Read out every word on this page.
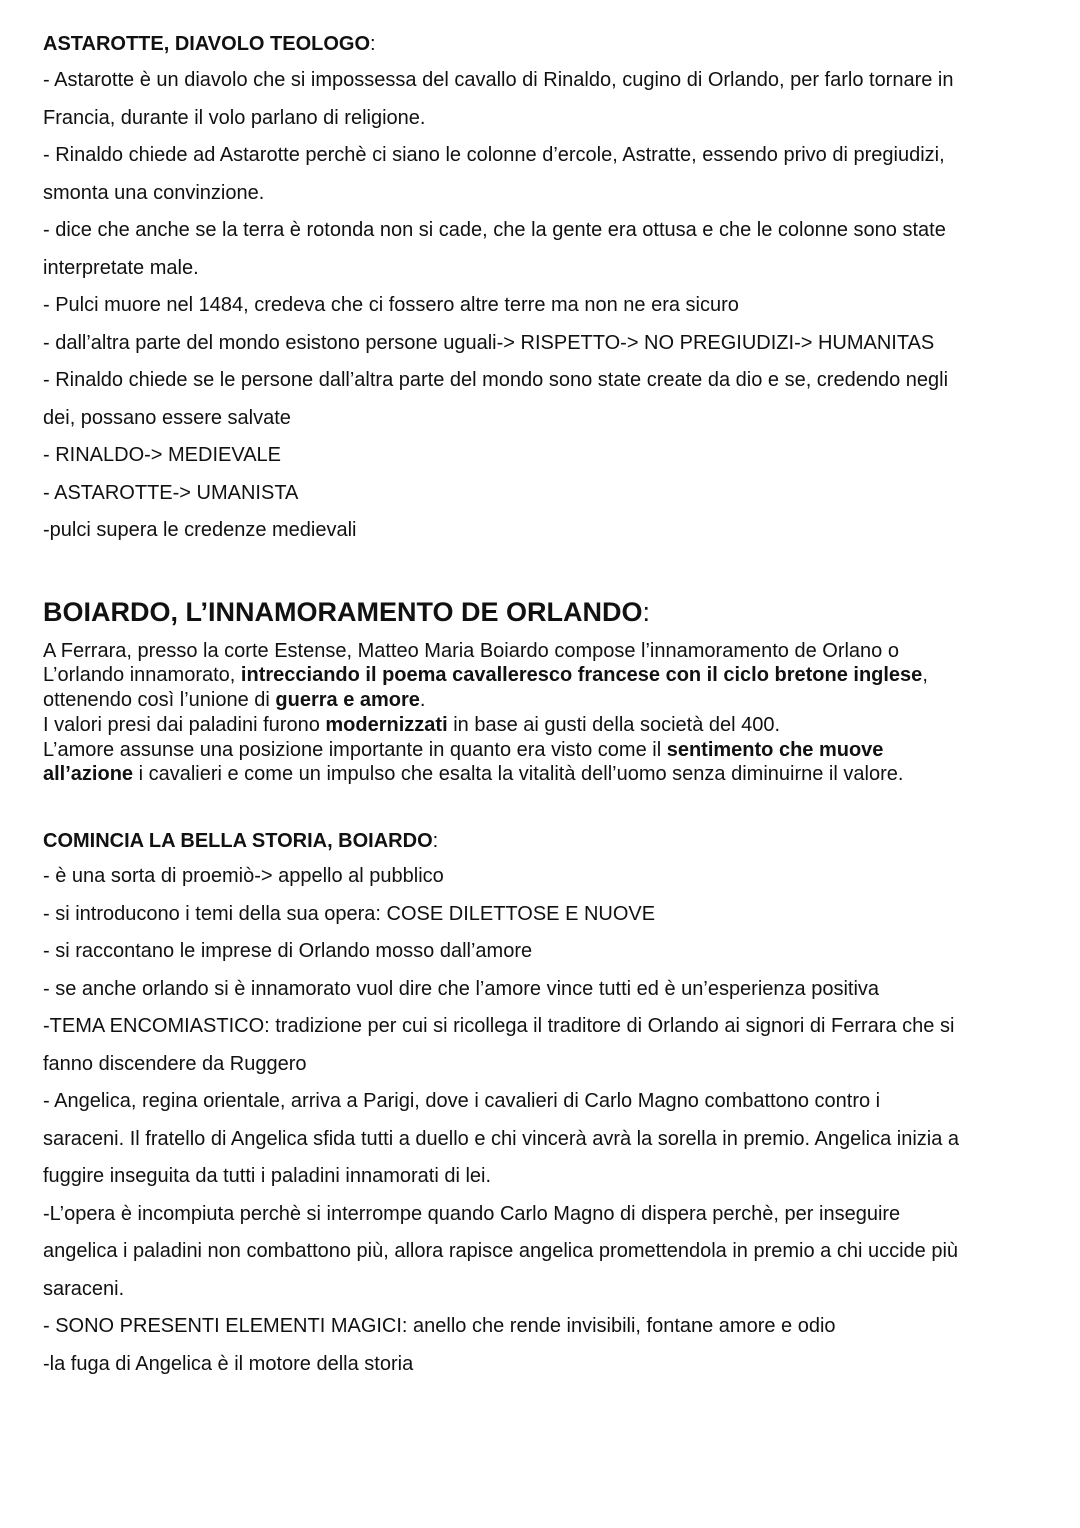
ASTAROTTE, DIAVOLO TEOLOGO:

- Astarotte è un diavolo che si impossessa del cavallo di Rinaldo, cugino di Orlando, per farlo tornare in

Francia, durante il volo parlano di religione.

- Rinaldo chiede ad Astarotte perchè ci siano le colonne d’ercole, Astratte, essendo privo di pregiudizi,

smonta una convinzione.

- dice che anche se la terra è rotonda non si cade, che la gente era ottusa e che le colonne sono state

interpretate male.

- Pulci muore nel 1484, credeva che ci fossero altre terre ma non ne era sicuro

- dall’altra parte del mondo esistono persone uguali-> RISPETTO-> NO PREGIUDIZI-> HUMANITAS

- Rinaldo chiede se le persone dall’altra parte del mondo sono state create da dio e se, credendo negli

dei, possano essere salvate

- RINALDO-> MEDIEVALE

- ASTAROTTE-> UMANISTA

-pulci supera le credenze medievali

BOIARDO, L’INNAMORAMENTO DE ORLANDO:

A Ferrara, presso la corte Estense, Matteo Maria Boiardo compose l’innamoramento de Orlano o

L’orlando innamorato, intrecciando il poema cavalleresco francese con il ciclo bretone inglese,

ottenendo così l’unione di guerra e amore.

I valori presi dai paladini furono modernizzati in base ai gusti della società del 400.

L’amore assunse una posizione importante in quanto era visto come il sentimento che muove

all’azione i cavalieri e come un impulso che esalta la vitalità dell’uomo senza diminuirne il valore.

COMINCIA LA BELLA STORIA, BOIARDO:

- è una sorta di proemiò-> appello al pubblico

- si introducono i temi della sua opera: COSE DILETTOSE E NUOVE

- si raccontano le imprese di Orlando mosso dall’amore

- se anche orlando si è innamorato vuol dire che l’amore vince tutti ed è un’esperienza positiva

-TEMA ENCOMIASTICO: tradizione per cui si ricollega il traditore di Orlando ai signori di Ferrara che si

fanno discendere da Ruggero

- Angelica, regina orientale, arriva a Parigi, dove i cavalieri di Carlo Magno combattono contro i

saraceni. Il fratello di Angelica sfida tutti a duello e chi vincerà avrà la sorella in premio. Angelica inizia a

fuggire inseguita da tutti i paladini innamorati di lei.

-L’opera è incompiuta perchè si interrompe quando Carlo Magno di dispera perchè, per inseguire

angelica i paladini non combattono più, allora rapisce angelica promettendola in premio a chi uccide più

saraceni.

- SONO PRESENTI ELEMENTI MAGICI: anello che rende invisibili, fontane amore e odio

-la fuga di Angelica è il motore della storia
